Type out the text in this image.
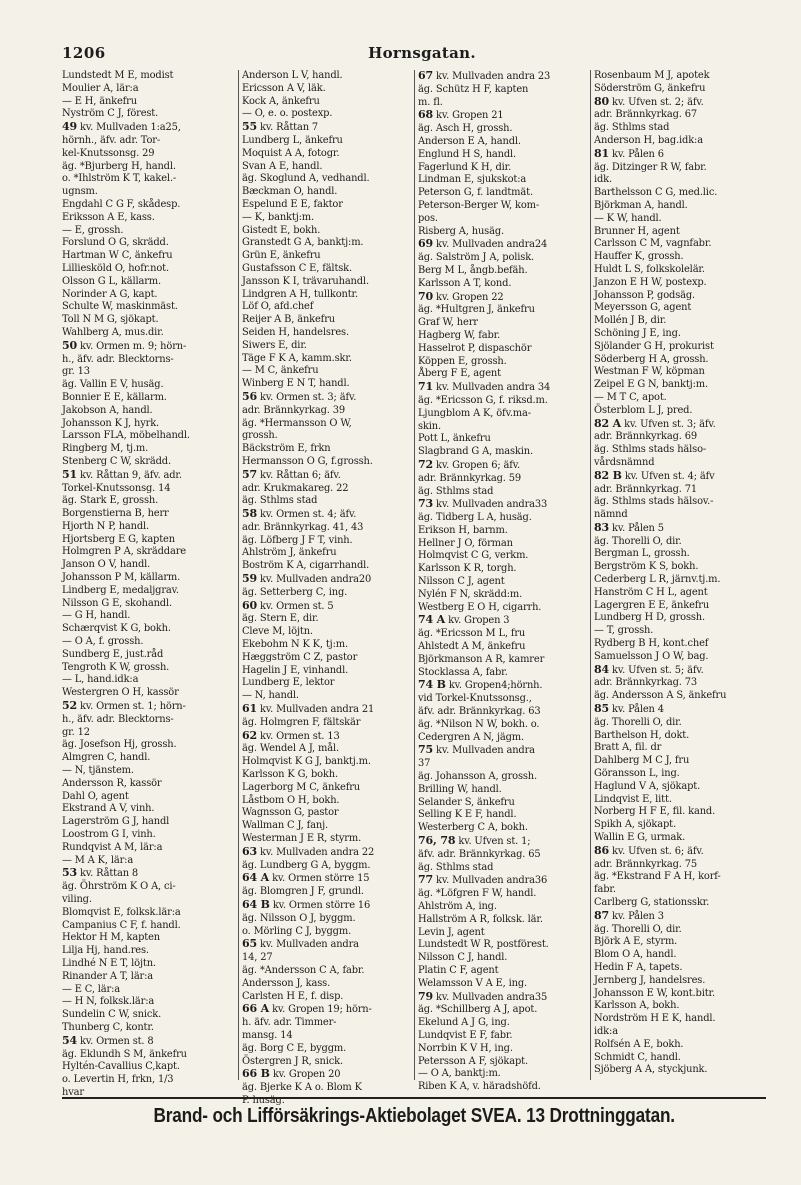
1206	Hornsgatan.
Lundstedt M E, modist
Moulier A, lär:a
— E H, änkefru
Nyström C J, förest.
49 kv. Mullvaden 1:a25,
hörnh., äfv. adr. Tor-
kel-Knutssonsg. 29
äg. *Bjurberg H, handl.
o. *Ihlström K T, kakel.-
ugnsm.
Engdahl C G F, skådesp.
Eriksson A E, kass.
— E, grossh.
Forslund O G, skrädd.
Hartman W C, änkefru
Lilliesköld O, hofr.not.
Olsson G L, källarm.
Norinder A G, kapt.
Schulte W, maskinmäst.
Toll N M G, sjökapt.
Wahlberg A, mus.dir.
50 kv. Ormen m. 9; hörn-
h., äfv. adr. Blecktorns-
gr. 13
äg. Vallin E V, husäg.
Bonnier E E, källarm.
Jakobson A, handl.
Johansson K J, hyrk.
Larsson FLA, möbelhandl.
Ringberg M, tj.m.
Stenberg C W, skrädd.
51 kv. Råttan 9, äfv. adr.
Torkel-Knutssonsg. 14
äg. Stark E, grossh.
Borgenstierna B, herr
Hjorth N P, handl.
Hjortsberg E G, kapten
Holmgren P A, skräddare
Janson O V, handl.
Johansson P M, källarm.
Lindberg E, medaljgrav.
Nilsson G E, skohandl.
— G H, handl.
Schærqvist K G, bokh.
— O A, f. grossh.
Sundberg E, just.råd
Tengroth K W, grossh.
— L, hand.idk:a
Westergren O H, kassör
52 kv. Ormen st. 1; hörn-
h., äfv. adr. Blecktorns-
gr. 12
äg. Josefson Hj, grossh.
Almgren C, handl.
— N, tjänstem.
Andersson R, kassör
Dahl O, agent
Ekstrand A V, vinh.
Lagerström G J, handl
Loostrom G I, vinh.
Rundqvist A M, lär:a
— M A K, lär:a
53 kv. Råttan 8
äg. Öhrström K O A, ci-
viling.
Blomqvist E, folksk.lär:a
Campanius C F, f. handl.
Hektor H M, kapten
Lilja Hj, hand.res.
Lindhé N E T, löjtn.
Rinander A T, lär:a
— E C, lär:a
— H N, folksk.lär:a
Sundelin C W, snick.
Thunberg C, kontr.
54 kv. Ormen st. 8
äg. Eklundh S M, änkefru
Hyltén-Cavallius C,kapt.
o. Levertin H, frkn, 1/3
hvar
Anderson L V, handl.
Ericsson A V, läk.
Kock A, änkefru
— O, e. o. postexp.
55 kv. Råttan 7
Lundberg L, änkefru
Moquist A A, fotogr.
Svan A E, handl.
äg. Skoglund A, vedhandl.
Bæckman O, handl.
Espelund E E, faktor
— K, banktj:m.
Gistedt E, bokh.
Granstedt G A, banktj:m.
Grün E, änkefru
Gustafsson C E, fältsk.
Jansson K I, trävaruhandl.
Lindgren A H, tullkontr.
Löf O, afd.chef
Reijer A B, änkefru
Seiden H, handelsres.
Siwers E, dir.
Täge F K A, kamm.skr.
— M C, änkefru
Winberg E N T, handl.
56 kv. Ormen st. 3; äfv.
adr. Brännkyrkag. 39
äg. *Hermansson O W,
grossh.
Bäckström E, frkn
Hermansson O G, f.grossh.
57 kv. Råttan 6; äfv.
adr. Krukmakareg. 22
äg. Sthlms stad
58 kv. Ormen st. 4; äfv.
adr. Brännkyrkag. 41, 43
äg. Löfberg J F T, vinh.
Ahlström J, änkefru
Boström K A, cigarrhandl.
59 kv. Mullvaden andra20
äg. Setterberg C, ing.
60 kv. Ormen st. 5
äg. Stern E, dir.
Cleve M, löjtn.
Ekebohm N K K, tj:m.
Hæggström C Z, pastor
Hagelin J E, vinhandl.
Lundberg E, lektor
— N, handl.
61 kv. Mullvaden andra 21
äg. Holmgren F, fältskär
62 kv. Ormen st. 13
äg. Wendel A J, mål.
Holmqvist K G J, banktj.m.
Karlsson K G, bokh.
Lagerborg M C, änkefru
Låstbom O H, bokh.
Wagnsson G, pastor
Wallman C J, fanj.
Westerman J E R, styrm.
63 kv. Mullvaden andra 22
äg. Lundberg G A, byggm.
64 A kv. Ormen större 15
äg. Blomgren J F, grundl.
64 B kv. Ormen större 16
äg. Nilsson O J, byggm.
o. Mörling C J, byggm.
65 kv. Mullvaden andra
14, 27
äg. *Andersson C A, fabr.
Andersson J, kass.
Carlsten H E, f. disp.
66 A kv. Gropen 19; hörn-
h. äfv. adr. Timmer-
mansg. 14
äg. Borg C E, byggm.
Östergren J R, snick.
66 B kv. Gropen 20
äg. Bjerke K A o. Blom K
P. husäg.
67 kv. Mullvaden andra 23
äg. Schütz H F, kapten
m. fl.
68 kv. Gropen 21
äg. Asch H, grossh.
Anderson E A, handl.
Englund H S, handl.
Fagerlund K H, dir.
Lindman E, sjukskot:a
Peterson G, f. landtmät.
Peterson-Berger W, kom-
pos.
Risberg A, husäg.
69 kv. Mullvaden andra24
äg. Salström J A, polisk.
Berg M L, ångb.befäh.
Karlsson A T, kond.
70 kv. Gropen 22
äg. *Hultgren J, änkefru
Graf W, herr
Hagberg W, fabr.
Hasselrot P, dispaschör
Köppen E, grossh.
Åberg F E, agent
71 kv. Mullvaden andra 34
äg. *Ericsson G, f. riksd.m.
Ljungblom A K, öfv.ma-
skin.
Pott L, änkefru
Slagbrand G A, maskin.
72 kv. Gropen 6; äfv.
adr. Brännkyrkag. 59
äg. Sthlms stad
73 kv. Mullvaden andra33
äg. Tidberg L A, husäg.
Erikson H, barnm.
Hellner J O, förman
Holmqvist C G, verkm.
Karlsson K R, torgh.
Nilsson C J, agent
Nylén F N, skrädd:m.
Westberg E O H, cigarrh.
74 A kv. Gropen 3
äg. *Ericsson M L, fru
Ahlstedt A M, änkefru
Björkmanson A R, kamrer
Stocklassa A, fabr.
74 B kv. Gropen4;hörnh.
vid Torkel-Knutssonsg.,
äfv. adr. Brännkyrkag. 63
äg. *Nilson N W, bokh. o.
Cedergren A N, jägm.
75 kv. Mullvaden andra
37
äg. Johansson A, grossh.
Brilling W, handl.
Selander S, änkefru
Selling K E F, handl.
Westerberg C A, bokh.
76, 78 kv. Ufven st. 1;
äfv. adr. Brännkyrkag. 65
äg. Sthlms stad
77 kv. Mullvaden andra36
äg. *Löfgren F W, handl.
Ahlström A, ing.
Hallström A R, folksk. lär.
Levin J, agent
Lundstedt W R, postförest.
Nilsson C J, handl.
Platin C F, agent
Welamsson V A E, ing.
79 kv. Mullvaden andra35
äg. *Schillberg A J, apot.
Ekelund A J G, ing.
Lundqvist E F, fabr.
Norrbin K V H, ing.
Petersson A F, sjökapt.
— O A, banktj:m.
Riben K A, v. häradshöfd.
Rosenbaum M J, apotek
Söderström G, änkefru
80 kv. Ufven st. 2; äfv.
adr. Brännkyrkag. 67
äg. Sthlms stad
Anderson H, bag.idk:a
81 kv. Pålen 6
äg. Ditzinger R W, fabr.
idk.
Barthelsson C G, med.lic.
Björkman A, handl.
— K W, handl.
Brunner H, agent
Carlsson C M, vagnfabr.
Hauffer K, grossh.
Huldt L S, folkskolelär.
Janzon E H W, postexp.
Johansson P, godsäg.
Meyersson G, agent
Mollén J B, dir.
Schöning J E, ing.
Sjölander G H, prokurist
Söderberg H A, grossh.
Westman F W, köpman
Zeipel E G N, banktj:m.
— M T C, apot.
Österblom L J, pred.
82 A kv. Ufven st. 3; äfv.
adr. Brännkyrkag. 69
äg. Sthlms stads hälso-
vårdsnämnd
82 B kv. Ufven st. 4; äfv
adr. Brännkyrkag. 71
äg. Sthlms stads hälsov.-
nämnd
83 kv. Pålen 5
äg. Thorelli O, dir.
Bergman L, grossh.
Bergström K S, bokh.
Cederberg L R, järnv.tj.m.
Hanström C H L, agent
Lagergren E E, änkefru
Lundberg H D, grossh.
— T, grossh.
Rydberg B H, kont.chef
Samuelsson J O W, bag.
84 kv. Ufven st. 5; äfv.
adr. Brännkyrkag. 73
äg. Andersson A S, änkefru
85 kv. Pålen 4
äg. Thorelli O, dir.
Barthelson H, dokt.
Bratt A, fil. dr
Dahlberg M C J, fru
Göransson L, ing.
Haglund V A, sjökapt.
Lindqvist E, litt.
Norberg H F E, fil. kand.
Spikh A, sjökapt.
Wallin E G, urmak.
86 kv. Ufven st. 6; äfv.
adr. Brännkyrkag. 75
äg. *Ekstrand F A H, korf-
fabr.
Carlberg G, stationsskr.
87 kv. Pålen 3
äg. Thorelli O, dir.
Björk A E, styrm.
Blom O A, handl.
Hedin F A, tapets.
Jernberg J, handelsres.
Johansson E W, kont.bitr.
Karlsson A, bokh.
Nordström H E K, handl.
idk:a
Rolfsén A E, bokh.
Schmidt C, handl.
Sjöberg A A, styckjunk.
Brand- och Lifförsäkrings-Aktiebolaget SVEA. 13 Drottninggatan.
